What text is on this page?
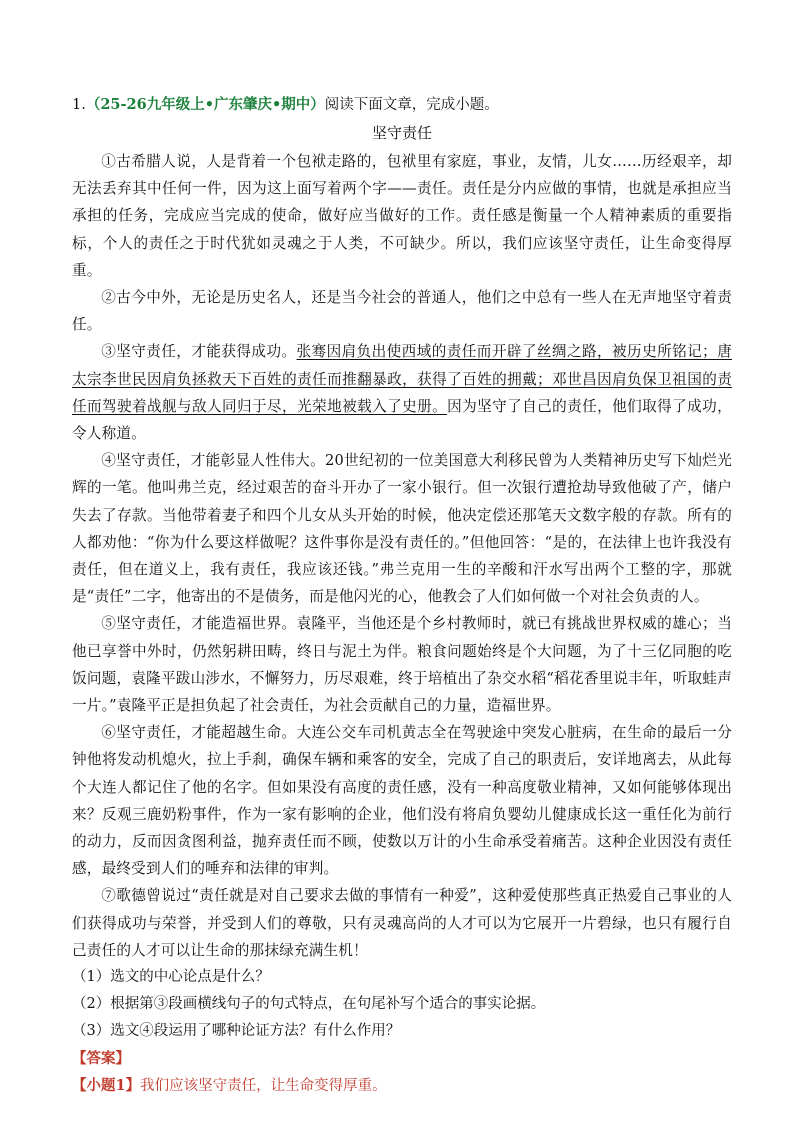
1.（25-26九年级上•广东肇庆•期中）阅读下面文章，完成小题。

坚守责任

①古希腊人说，人是背着一个包袱走路的，包袱里有家庭，事业，友情，儿女……历经艰辛，却无法丢弃其中任何一件，因为这上面写着两个字——责任。责任是分内应做的事情，也就是承担应当承担的任务，完成应当完成的使命，做好应当做好的工作。责任感是衡量一个人精神素质的重要指标，个人的责任之于时代犹如灵魂之于人类，不可缺少。所以，我们应该坚守责任，让生命变得厚重。

②古今中外，无论是历史名人，还是当今社会的普通人，他们之中总有一些人在无声地坚守着责任。

③坚守责任，才能获得成功。张骞因肩负出使西域的责任而开辟了丝绸之路，被历史所铭记；唐太宗李世民因肩负拯救天下百姓的责任而推翻暴政，获得了百姓的拥戴；邓世昌因肩负保卫祖国的责任而驾驶着战舰与敌人同归于尽，光荣地被载入了史册。因为坚守了自己的责任，他们取得了成功，令人称道。

④坚守责任，才能彰显人性伟大。20世纪初的一位美国意大利移民曾为人类精神历史写下灿烂光辉的一笔。他叫弗兰克，经过艰苦的奋斗开办了一家小银行。但一次银行遭抢劫导致他破了产，储户失去了存款。当他带着妻子和四个儿女从头开始的时候，他决定偿还那笔天文数字般的存款。所有的人都劝他：“你为什么要这样做呢？这件事你是没有责任的。”但他回答：“是的，在法律上也许我没有责任，但在道义上，我有责任，我应该还钱。”弗兰克用一生的辛酸和汗水写出两个工整的字，那就是“责任”二字，他寄出的不是债务，而是他闪光的心，他教会了人们如何做一个对社会负责的人。

⑤坚守责任，才能造福世界。袁隆平，当他还是个乡村教师时，就已有挑战世界权威的雄心；当他已享誉中外时，仍然躬耕田畴，终日与泥土为伴。粮食问题始终是个大问题，为了十三亿同胞的吃饭问题，袁隆平跋山涉水，不懈努力，历尽艰难，终于培植出了杂交水稻“稻花香里说丰年，听取蛙声一片。”袁隆平正是担负起了社会责任，为社会贡献自己的力量，造福世界。

⑥坚守责任，才能超越生命。大连公交车司机黄志全在驾驶途中突发心脏病，在生命的最后一分钟他将发动机熄火，拉上手刹，确保车辆和乘客的安全，完成了自己的职责后，安详地离去，从此每个大连人都记住了他的名字。但如果没有高度的责任感，没有一种高度敬业精神，又如何能够体现出来？反观三鹿奶粉事件，作为一家有影响的企业，他们没有将肩负婴幼儿健康成长这一重任化为前行的动力，反而因贪图利益，抛弃责任而不顾，使数以万计的小生命承受着痛苦。这种企业因没有责任感，最终受到人们的唾弃和法律的审判。

⑦歌德曾说过“责任就是对自己要求去做的事情有一种爱”，这种爱使那些真正热爱自己事业的人们获得成功与荣誉，并受到人们的尊敬，只有灵魂高尚的人才可以为它展开一片碧绿，也只有履行自己责任的人才可以让生命的那抹绿充满生机！

（1）选文的中心论点是什么？

（2）根据第③段画横线句子的句式特点，在句尾补写个适合的事实论据。

（3）选文④段运用了哪种论证方法？有什么作用？

【答案】

【小题1】我们应该坚守责任，让生命变得厚重。
